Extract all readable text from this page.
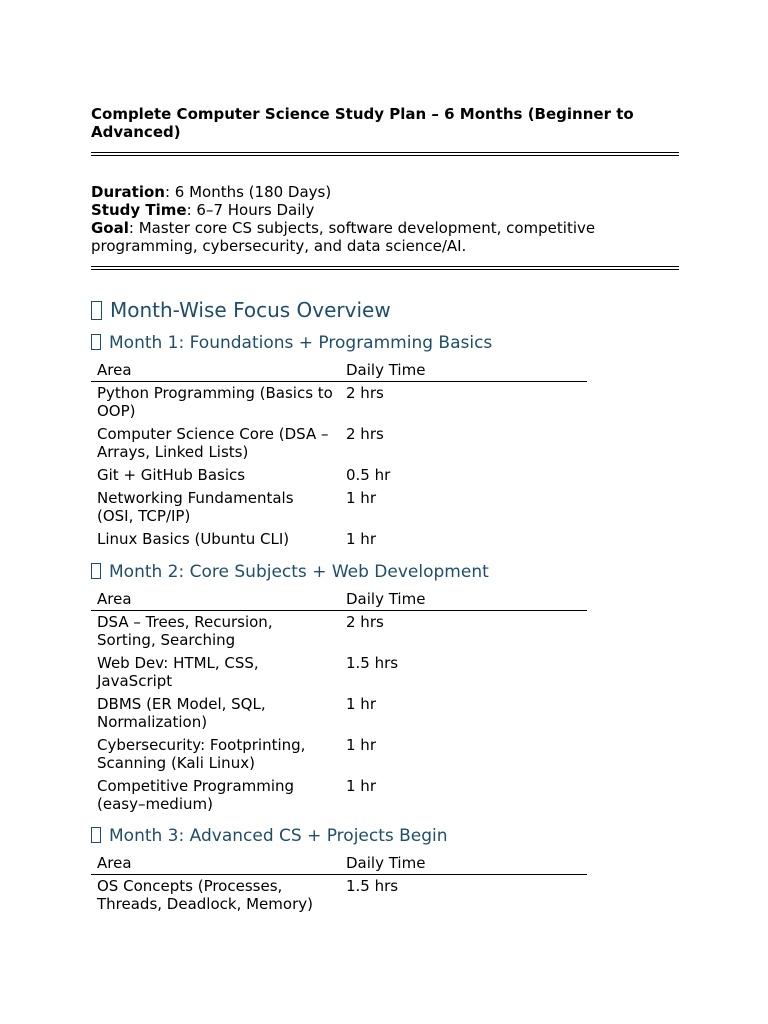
Complete Computer Science Study Plan – 6 Months (Beginner to Advanced)
Duration: 6 Months (180 Days)
Study Time: 6–7 Hours Daily
Goal: Master core CS subjects, software development, competitive programming, cybersecurity, and data science/AI.
Month-Wise Focus Overview
Month 1: Foundations + Programming Basics
Area	Daily Time
Python Programming (Basics to OOP)	2 hrs
Computer Science Core (DSA – Arrays, Linked Lists)	2 hrs
Git + GitHub Basics	0.5 hr
Networking Fundamentals (OSI, TCP/IP)	1 hr
Linux Basics (Ubuntu CLI)	1 hr
Month 2: Core Subjects + Web Development
Area	Daily Time
DSA – Trees, Recursion, Sorting, Searching	2 hrs
Web Dev: HTML, CSS, JavaScript	1.5 hrs
DBMS (ER Model, SQL, Normalization)	1 hr
Cybersecurity: Footprinting, Scanning (Kali Linux)	1 hr
Competitive Programming (easy–medium)	1 hr
Month 3: Advanced CS + Projects Begin
Area	Daily Time
OS Concepts (Processes, Threads, Deadlock, Memory)	1.5 hrs
